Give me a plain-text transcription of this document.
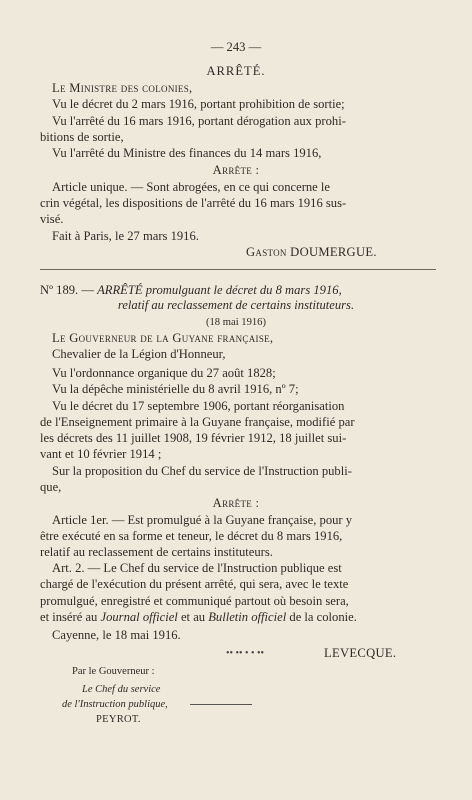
— 243 —
ARRÊTÉ.
Le Ministre des colonies,
Vu le décret du 2 mars 1916, portant prohibition de sortie;
Vu l'arrêté du 16 mars 1916, portant dérogation aux prohi-
bitions de sortie,
Vu l'arrêté du Ministre des finances du 14 mars 1916,
Arrête :
Article unique. — Sont abrogées, en ce qui concerne le
crin végétal, les dispositions de l'arrêté du 16 mars 1916 sus-
visé.
Fait à Paris, le 27 mars 1916.
Gaston DOUMERGUE.
Nº 189. — ARRÊTÉ promulguant le décret du 8 mars 1916,
relatif au reclassement de certains instituteurs.
(18 mai 1916)
Le Gouverneur de la Guyane française,
Chevalier de la Légion d'Honneur,
Vu l'ordonnance organique du 27 août 1828;
Vu la dépêche ministérielle du 8 avril 1916, nº 7;
Vu le décret du 17 septembre 1906, portant réorganisation
de l'Enseignement primaire à la Guyane française, modifié par
les décrets des 11 juillet 1908, 19 février 1912, 18 juillet sui-
vant et 10 février 1914 ;
Sur la proposition du Chef du service de l'Instruction publi-
que,
Arrête :
Article 1er. — Est promulgué à la Guyane française, pour y
être exécuté en sa forme et teneur, le décret du 8 mars 1916,
relatif au reclassement de certains instituteurs.
Art. 2. — Le Chef du service de l'Instruction publique est
chargé de l'exécution du présent arrêté, qui sera, avec le texte
promulgué, enregistré et communiqué partout où besoin sera,
et inséré au Journal officiel et au Bulletin officiel de la colonie.
Cayenne, le 18 mai 1916.
•• •• • • ••	LEVECQUE.
Par le Gouverneur :
Le Chef du service
de l'Instruction publique,
PEYROT.
